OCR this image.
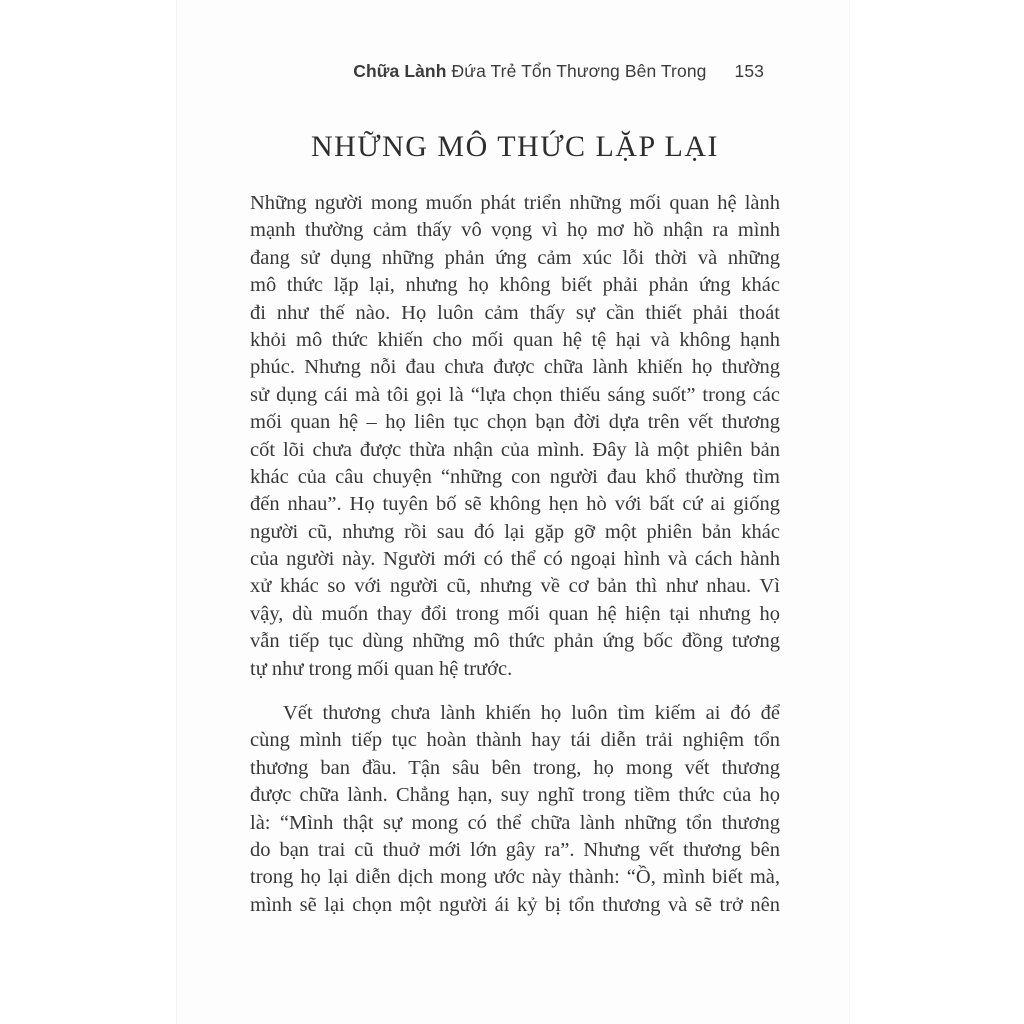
Chữa Lành Đứa Trẻ Tổn Thương Bên Trong 153
NHỮNG MÔ THỨC LẶP LẠI
Những người mong muốn phát triển những mối quan hệ lành
mạnh thường cảm thấy vô vọng vì họ mơ hồ nhận ra mình
đang sử dụng những phản ứng cảm xúc lỗi thời và những
mô thức lặp lại, nhưng họ không biết phải phản ứng khác
đi như thế nào. Họ luôn cảm thấy sự cần thiết phải thoát
khỏi mô thức khiến cho mối quan hệ tệ hại và không hạnh
phúc. Nhưng nỗi đau chưa được chữa lành khiến họ thường
sử dụng cái mà tôi gọi là “lựa chọn thiếu sáng suốt” trong các
mối quan hệ – họ liên tục chọn bạn đời dựa trên vết thương
cốt lõi chưa được thừa nhận của mình. Đây là một phiên bản
khác của câu chuyện “những con người đau khổ thường tìm
đến nhau”. Họ tuyên bố sẽ không hẹn hò với bất cứ ai giống
người cũ, nhưng rồi sau đó lại gặp gỡ một phiên bản khác
của người này. Người mới có thể có ngoại hình và cách hành
xử khác so với người cũ, nhưng về cơ bản thì như nhau. Vì
vậy, dù muốn thay đổi trong mối quan hệ hiện tại nhưng họ
vẫn tiếp tục dùng những mô thức phản ứng bốc đồng tương
tự như trong mối quan hệ trước.
Vết thương chưa lành khiến họ luôn tìm kiếm ai đó để
cùng mình tiếp tục hoàn thành hay tái diễn trải nghiệm tổn
thương ban đầu. Tận sâu bên trong, họ mong vết thương
được chữa lành. Chẳng hạn, suy nghĩ trong tiềm thức của họ
là: “Mình thật sự mong có thể chữa lành những tổn thương
do bạn trai cũ thuở mới lớn gây ra”. Nhưng vết thương bên
trong họ lại diễn dịch mong ước này thành: “Ồ, mình biết mà,
mình sẽ lại chọn một người ái kỷ bị tổn thương và sẽ trở nên
